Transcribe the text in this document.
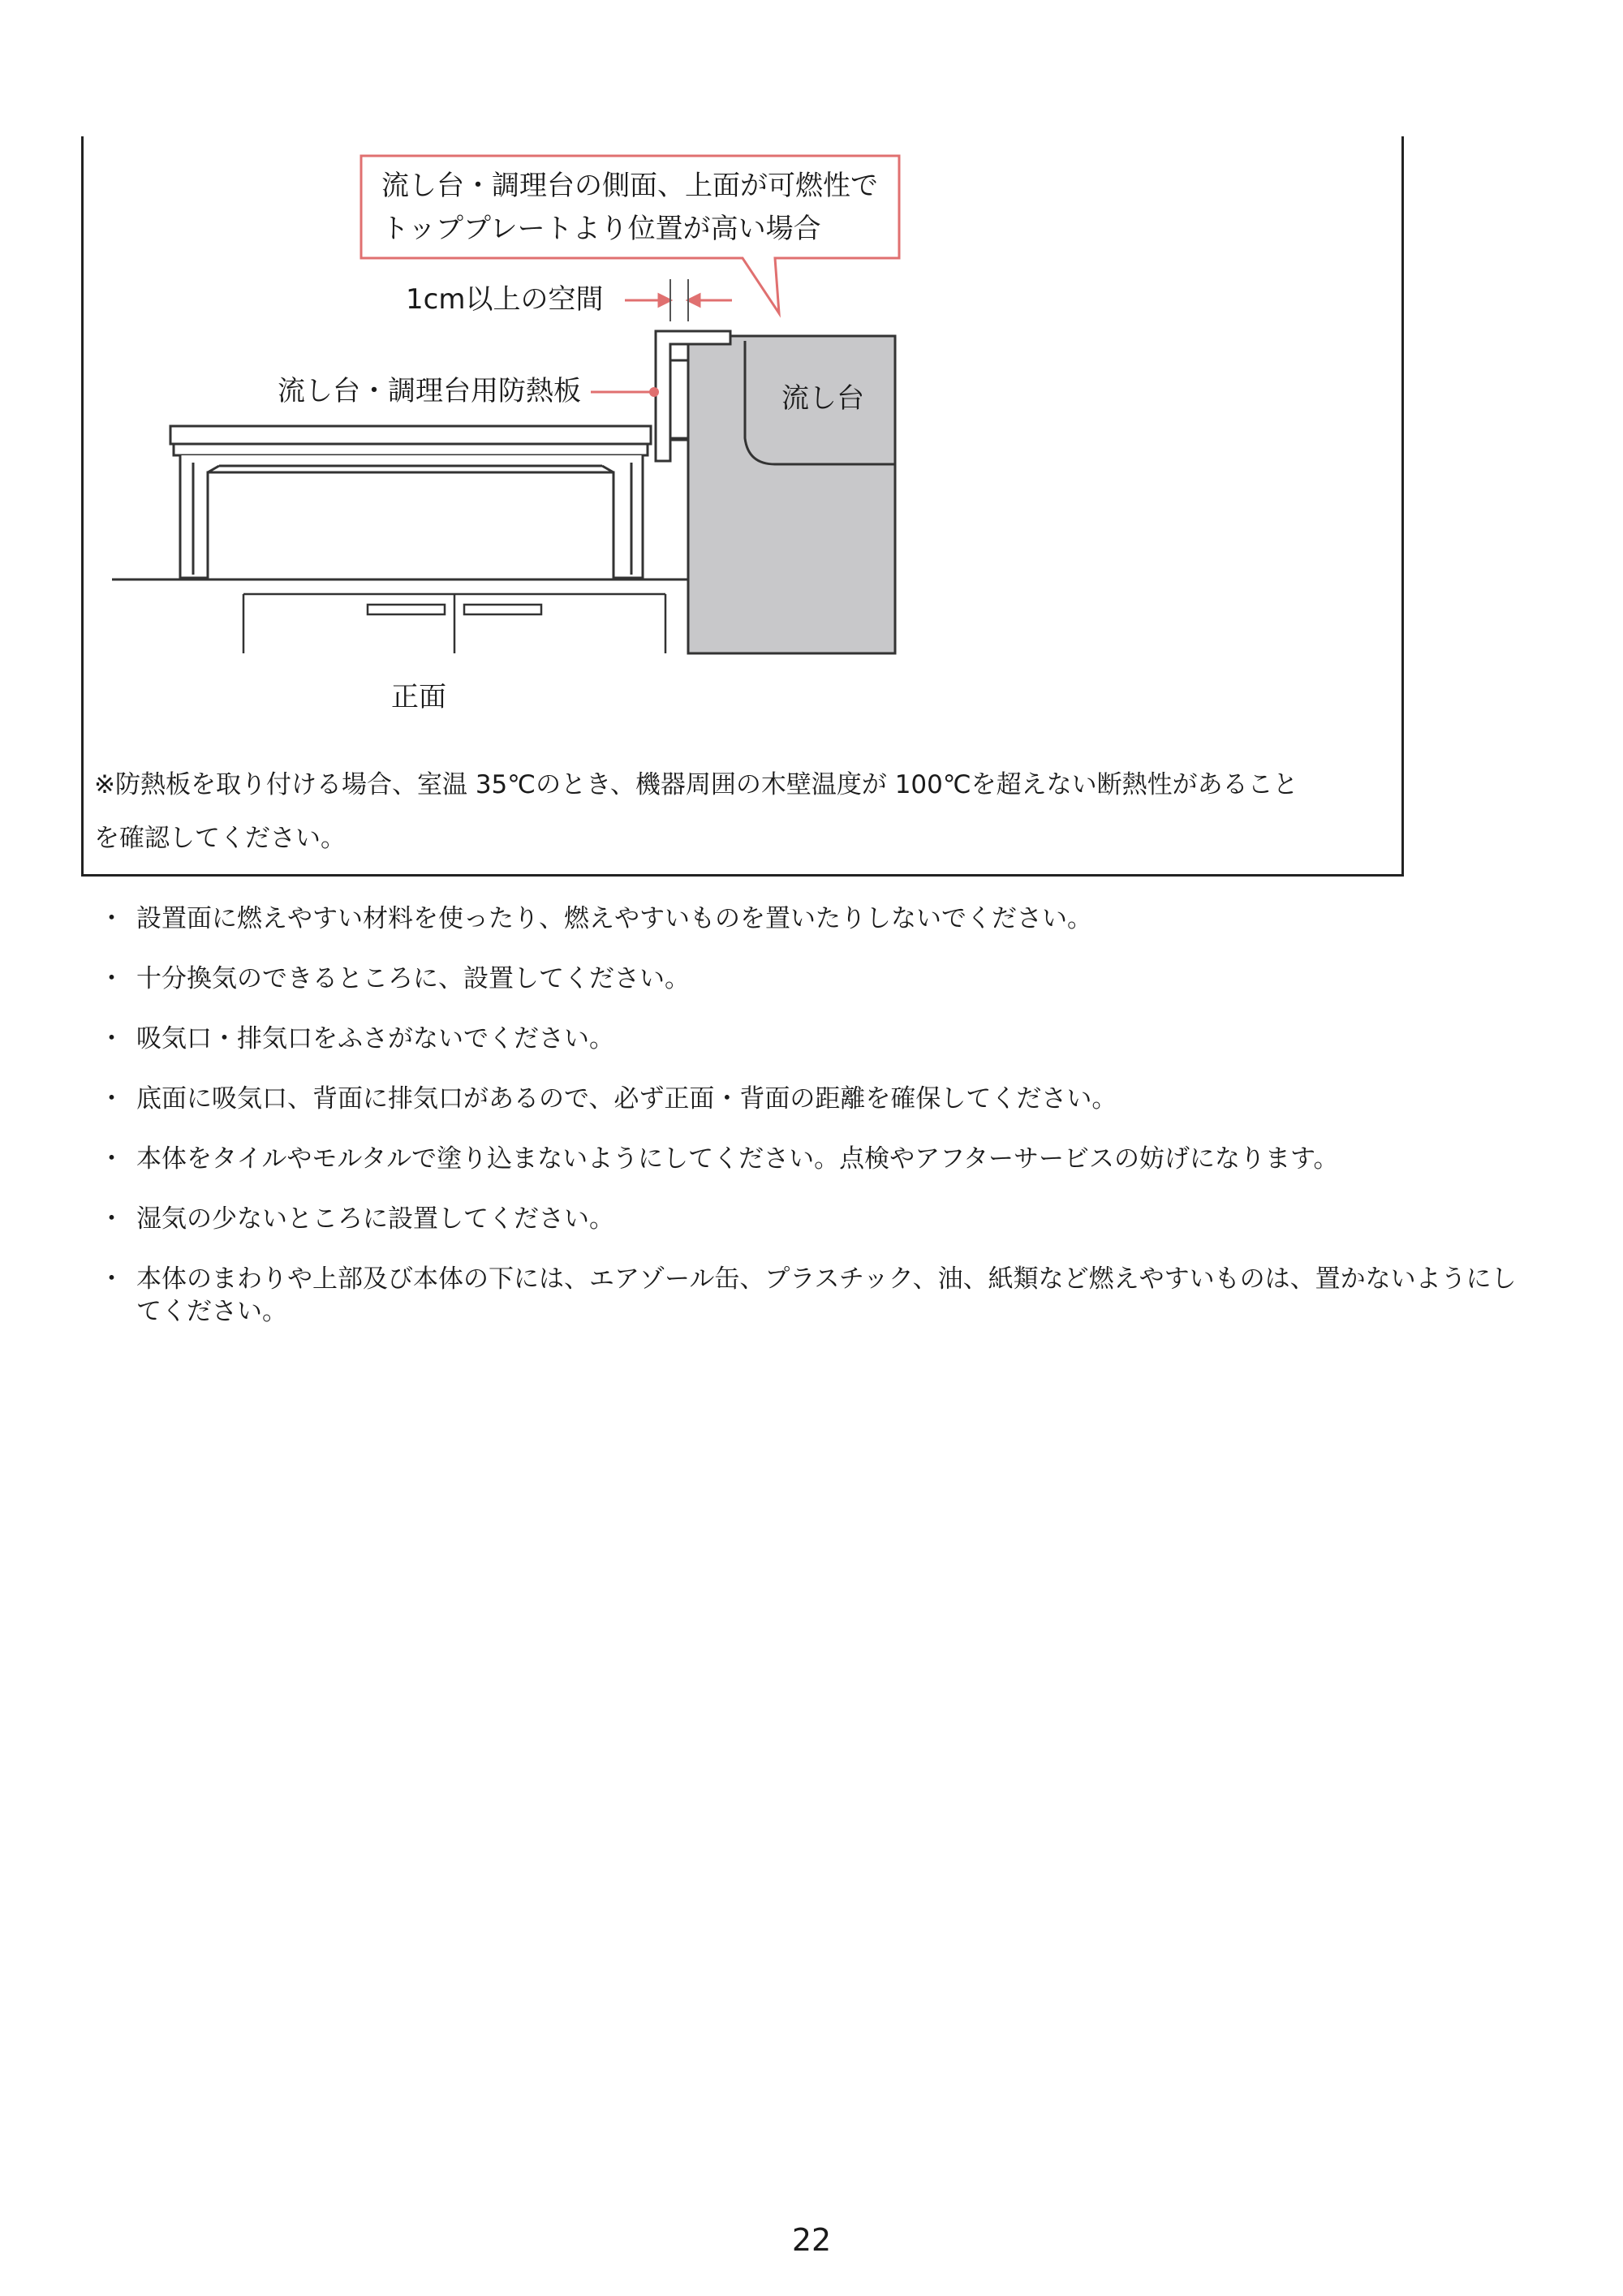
流し台・調理台の側面、上面が可燃性で
トッププレートより位置が高い場合
1cm以上の空間
流し台・調理台用防熱板	流し台
正面
※防熱板を取り付ける場合、室温 35℃のとき、機器周囲の木壁温度が 100℃を超えない断熱性があること
を確認してください。
・ 設置面に燃えやすい材料を使ったり、燃えやすいものを置いたりしないでください。
・ 十分換気のできるところに、設置してください。
・ 吸気口・排気口をふさがないでください。
・ 底面に吸気口、背面に排気口があるので、必ず正面・背面の距離を確保してください。
・ 本体をタイルやモルタルで塗り込まないようにしてください。点検やアフターサービスの妨げになります。
・ 湿気の少ないところに設置してください。
・ 本体のまわりや上部及び本体の下には、エアゾール缶、プラスチック、油、紙類など燃えやすいものは、置かないようにしてください。
22
